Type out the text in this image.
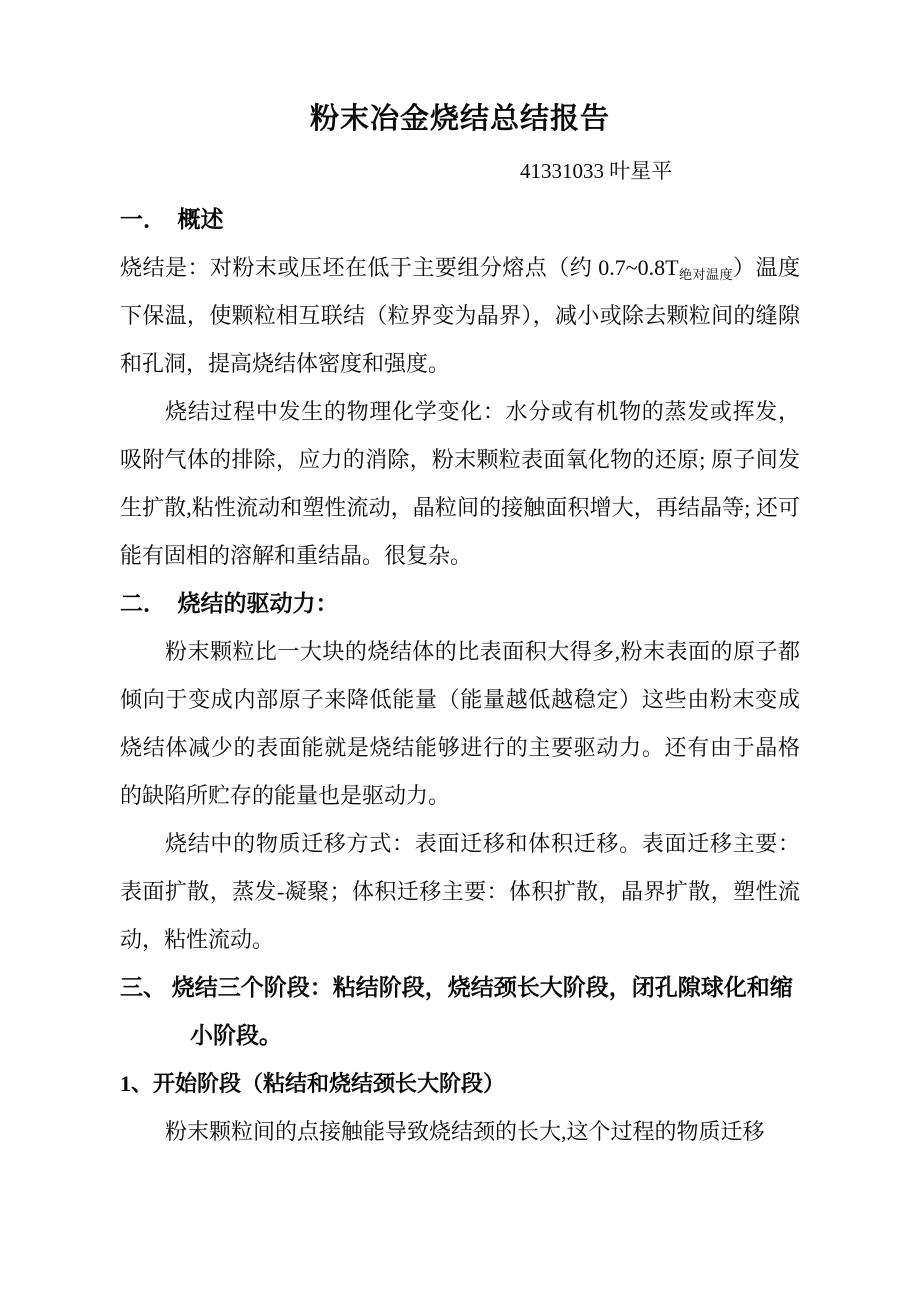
粉末冶金烧结总结报告
41331033 叶星平
一．  概述

烧结是：对粉末或压坯在低于主要组分熔点（约 $0.7\sim 0.8T_{绝对温度}$）温度下保温，使颗粒相互联结（粒界变为晶界），减小或除去颗粒间的缝隙和孔洞，提高烧结体密度和强度。

烧结过程中发生的物理化学变化：水分或有机物的蒸发或挥发，吸附气体的排除，应力的消除，粉末颗粒表面氧化物的还原; 原子间发生扩散,粘性流动和塑性流动，晶粒间的接触面积增大，再结晶等; 还可能有固相的溶解和重结晶。很复杂。

二．  烧结的驱动力：

粉末颗粒比一大块的烧结体的比表面积大得多,粉末表面的原子都倾向于变成内部原子来降低能量（能量越低越稳定）这些由粉末变成烧结体减少的表面能就是烧结能够进行的主要驱动力。还有由于晶格的缺陷所贮存的能量也是驱动力。

烧结中的物质迁移方式：表面迁移和体积迁移。表面迁移主要：表面扩散，蒸发-凝聚；体积迁移主要：体积扩散，晶界扩散，塑性流动，粘性流动。

三、 烧结三个阶段：粘结阶段，烧结颈长大阶段，闭孔隙球化和缩小阶段。
1、开始阶段（粘结和烧结颈长大阶段）

粉末颗粒间的点接触能导致烧结颈的长大,这个过程的物质迁移
